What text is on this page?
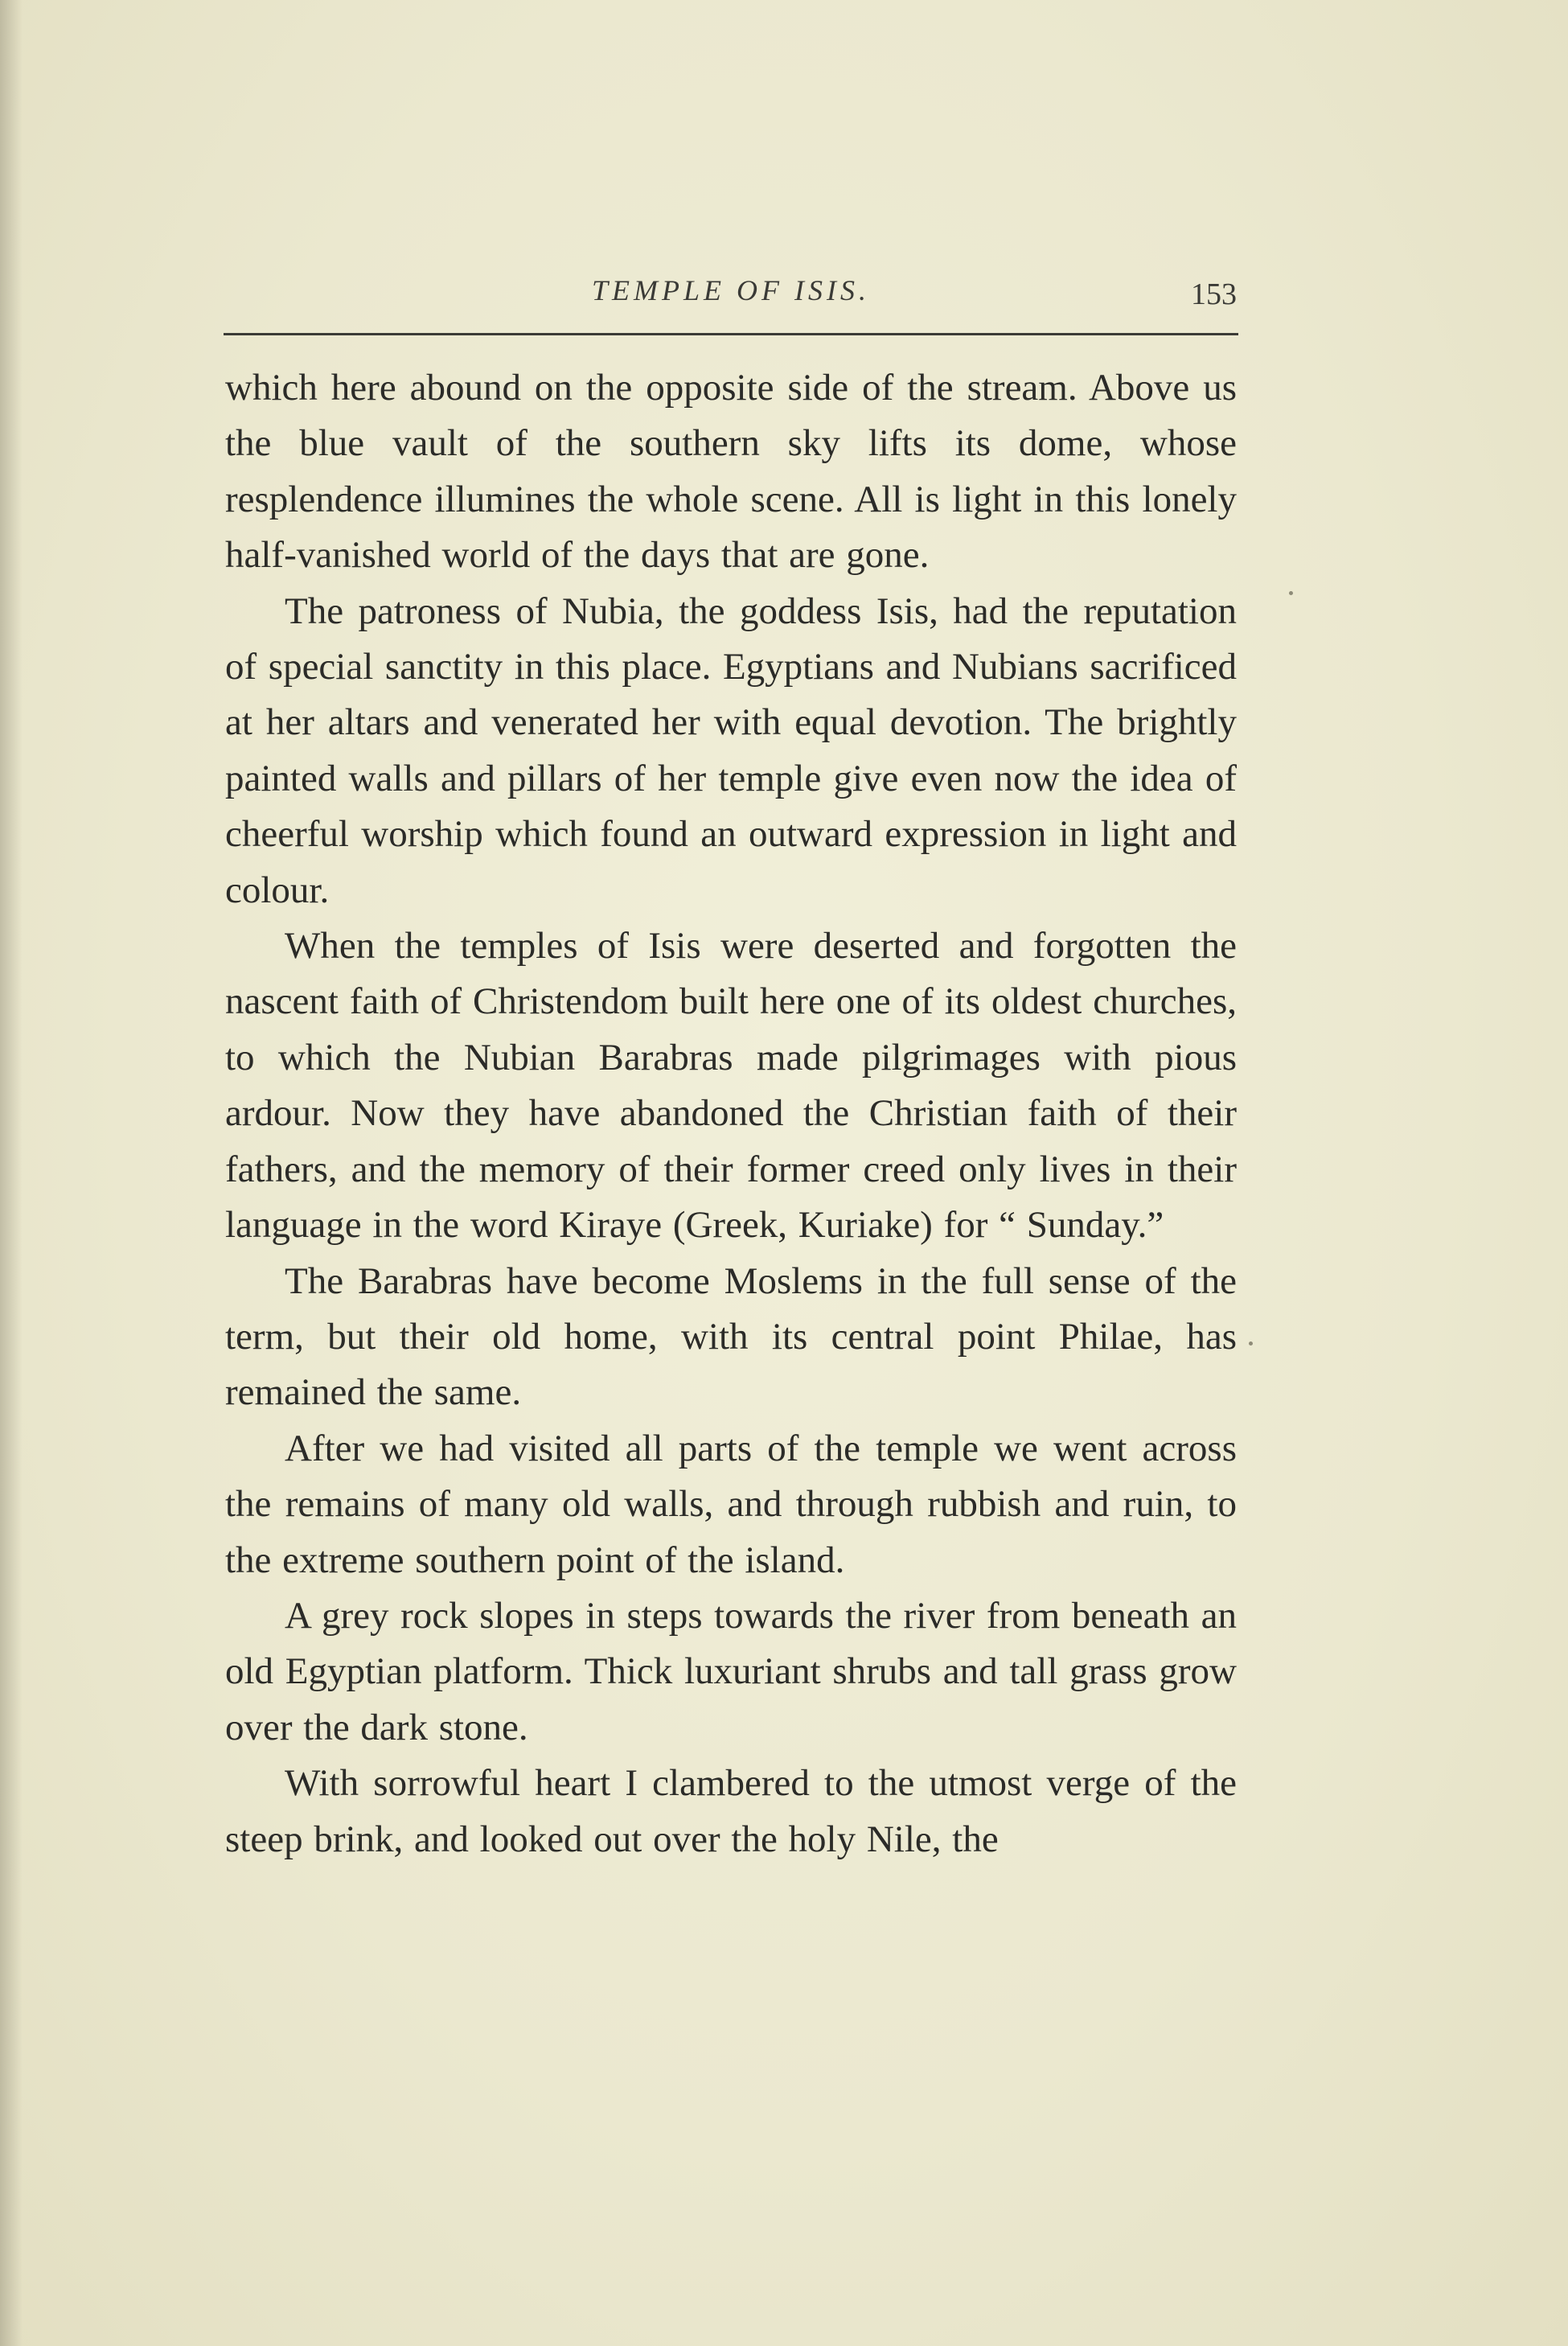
TEMPLE OF ISIS.	153

which here abound on the opposite side of the stream. Above us the blue vault of the southern sky lifts its dome, whose resplendence illumines the whole scene. All is light in this lonely half-vanished world of the days that are gone.

The patroness of Nubia, the goddess Isis, had the reputation of special sanctity in this place. Egyptians and Nubians sacrificed at her altars and venerated her with equal devotion. The brightly painted walls and pillars of her temple give even now the idea of cheerful worship which found an outward expression in light and colour.

When the temples of Isis were deserted and forgotten the nascent faith of Christendom built here one of its oldest churches, to which the Nubian Barabras made pilgrimages with pious ardour. Now they have abandoned the Christian faith of their fathers, and the memory of their former creed only lives in their language in the word Kiraye (Greek, Kuriake) for “ Sunday.”

The Barabras have become Moslems in the full sense of the term, but their old home, with its central point Philae, has remained the same.

After we had visited all parts of the temple we went across the remains of many old walls, and through rubbish and ruin, to the extreme southern point of the island.

A grey rock slopes in steps towards the river from beneath an old Egyptian platform. Thick luxuriant shrubs and tall grass grow over the dark stone.

With sorrowful heart I clambered to the utmost verge of the steep brink, and looked out over the holy Nile, the
